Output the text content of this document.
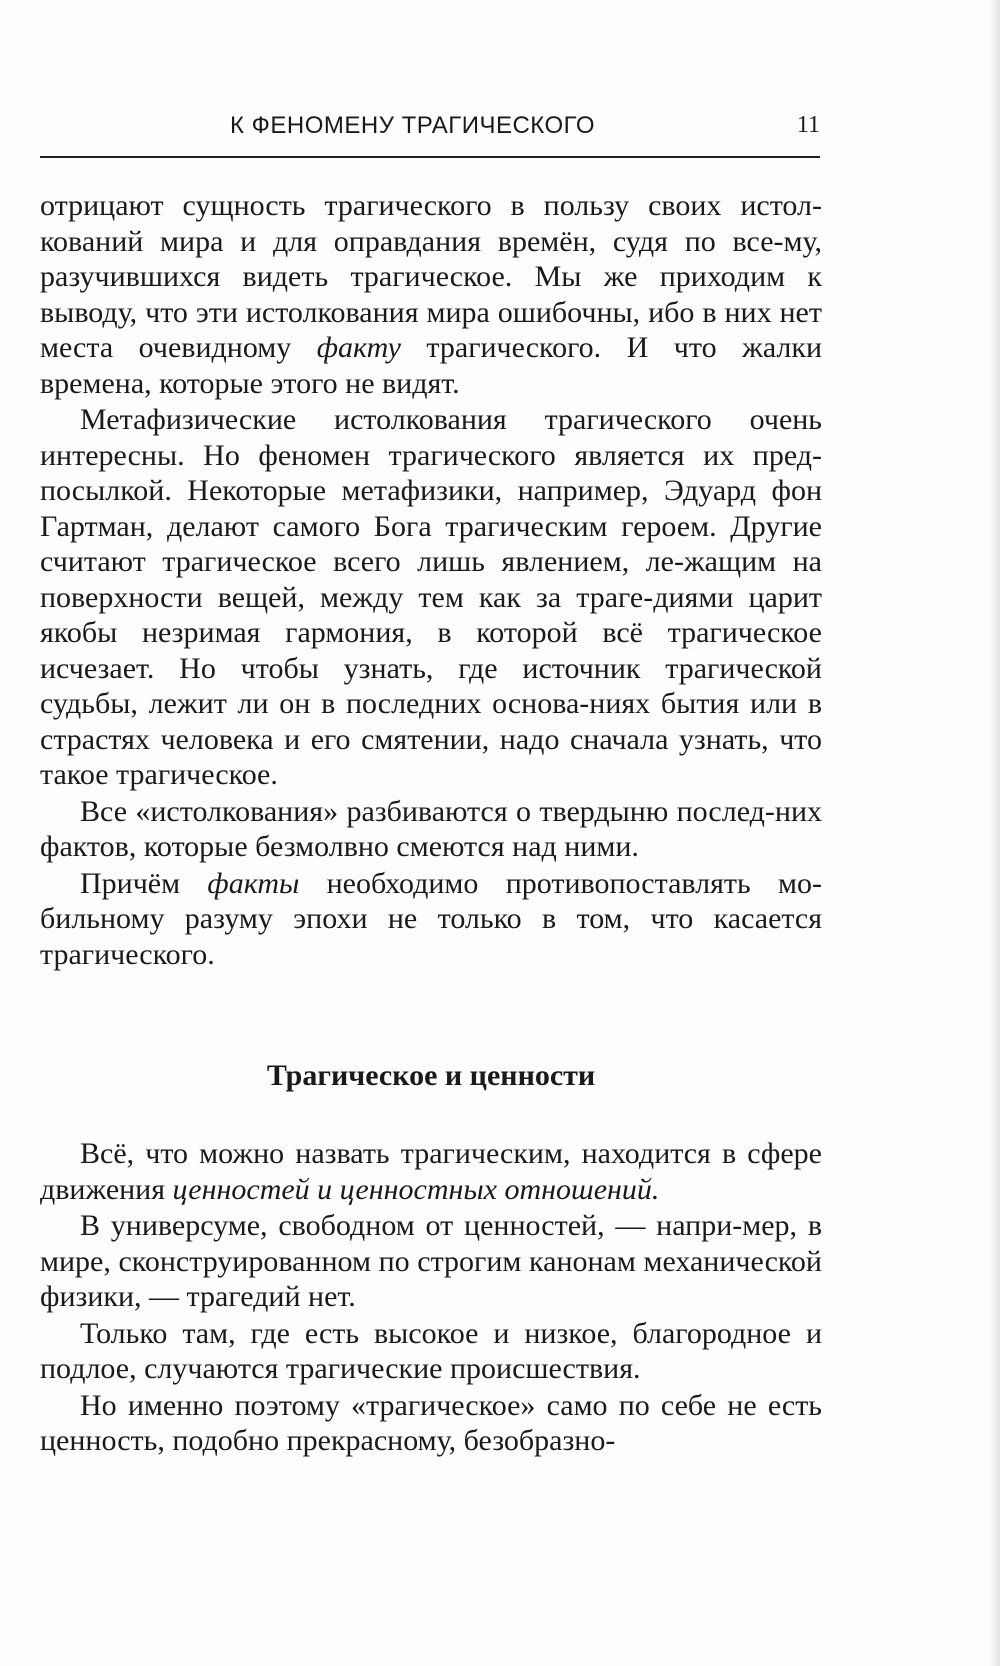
К ФЕНОМЕНУ ТРАГИЧЕСКОГО	11

отрицают сущность трагического в пользу своих истол-кований мира и для оправдания времён, судя по все-му, разучившихся видеть трагическое. Мы же приходим к выводу, что эти истолкования мира ошибочны, ибо в них нет места очевидному факту трагического. И что жалки времена, которые этого не видят.

Метафизические истолкования трагического очень интересны. Но феномен трагического является их пред-посылкой. Некоторые метафизики, например, Эдуард фон Гартман, делают самого Бога трагическим героем. Другие считают трагическое всего лишь явлением, ле-жащим на поверхности вещей, между тем как за траге-диями царит якобы незримая гармония, в которой всё трагическое исчезает. Но чтобы узнать, где источник трагической судьбы, лежит ли он в последних основа-ниях бытия или в страстях человека и его смятении, надо сначала узнать, что такое трагическое.

Все «истолкования» разбиваются о твердыню послед-них фактов, которые безмолвно смеются над ними.

Причём факты необходимо противопоставлять мо-бильному разуму эпохи не только в том, что касается трагического.

Трагическое и ценности

Всё, что можно назвать трагическим, находится в сфере движения ценностей и ценностных отношений.

В универсуме, свободном от ценностей, — напри-мер, в мире, сконструированном по строгим канонам механической физики, — трагедий нет.

Только там, где есть высокое и низкое, благородное и подлое, случаются трагические происшествия.

Но именно поэтому «трагическое» само по себе не есть ценность, подобно прекрасному, безобразно-
